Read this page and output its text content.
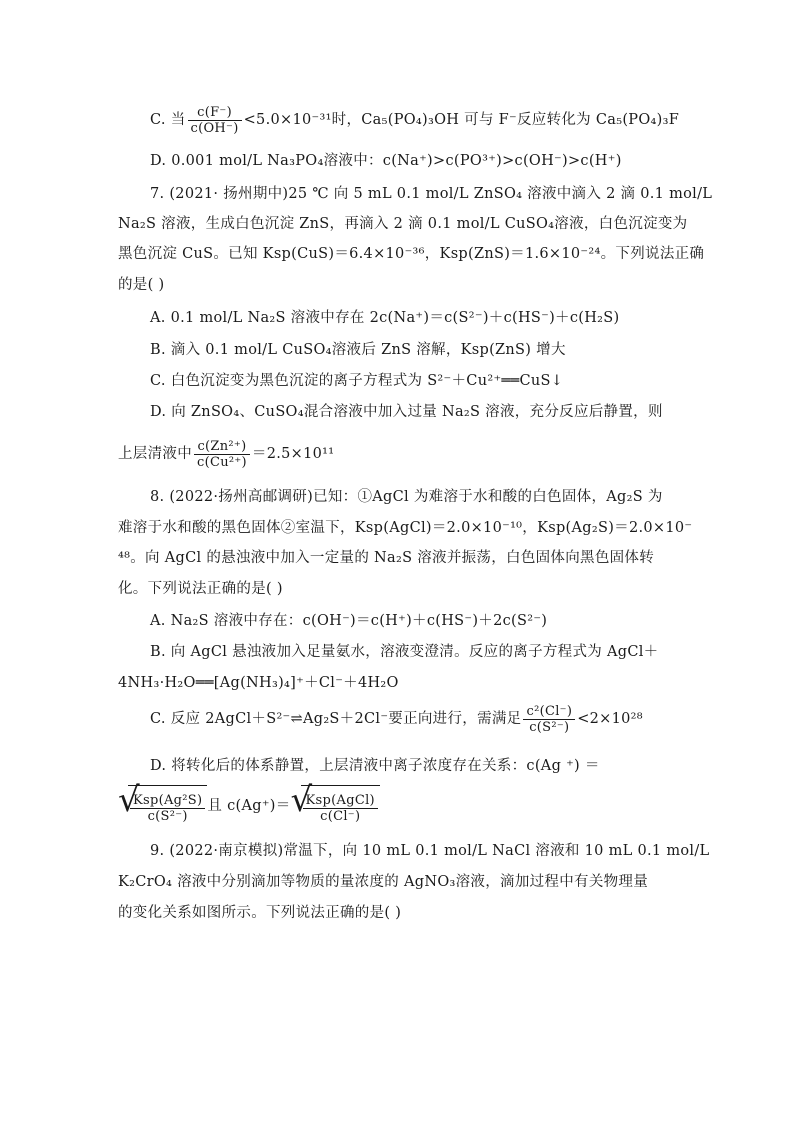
C. 当 $\frac{c(F^-)}{c(OH^-)} <5.0\times 10^{-31}$时，Ca₅(PO₄)₃OH 可与 F⁻反应转化为 Ca₅(PO₄)₃F
D. 0.001 mol/L Na₃PO₄溶液中：c(Na⁺)>c(PO³⁺)>c(OH⁻)>c(H⁺)
7. (2021· 扬州期中)25 ℃ 向 5 mL 0.1 mol/L ZnSO₄ 溶液中滴入 2 滴 0.1 mol/L
Na₂S 溶液，生成白色沉淀 ZnS，再滴入 2 滴 0.1 mol/L CuSO₄溶液，白色沉淀变为
黑色沉淀 CuS。已知 Ksp(CuS)＝6.4×10⁻³⁶，Ksp(ZnS)＝1.6×10⁻²⁴。下列说法正确
的是( )
A. 0.1 mol/L Na₂S 溶液中存在 2c(Na⁺)＝c(S²⁻)＋c(HS⁻)＋c(H₂S)
B. 滴入 0.1 mol/L CuSO₄溶液后 ZnS 溶解，Ksp(ZnS) 增大
C. 白色沉淀变为黑色沉淀的离子方程式为 S²⁻＋Cu²⁺══CuS↓
D. 向 ZnSO₄、CuSO₄混合溶液中加入过量 Na₂S 溶液，充分反应后静置，则
上层清液中 $\frac{\text{c(Zn²⁺)}}{\text{c(Cu²⁺)}} =2.5\times 10^{11}$
8. (2022·扬州高邮调研)已知：①AgCl 为难溶于水和酸的白色固体，Ag₂S 为
难溶于水和酸的黑色固体②室温下，Ksp(AgCl)＝2.0×10⁻¹⁰，Ksp(Ag₂S)＝2.0×10⁻
⁴⁸。向 AgCl 的悬浊液中加入一定量的 Na₂S 溶液并振荡，白色固体向黑色固体转
化。下列说法正确的是( )
A. Na₂S 溶液中存在：c(OH⁻)＝c(H⁺)＋c(HS⁻)＋2c(S²⁻)
B. 向 AgCl 悬浊液加入足量氨水，溶液变澄清。反应的离子方程式为 AgCl＋
4NH₃·H₂O══[Ag(NH₃)₄]⁺＋Cl⁻＋4H₂O
C. 反应 2AgCl＋S²⁻⇌Ag₂S＋2Cl⁻要正向进行，需满足 $\frac{\text{c²(Cl⁻)}}{\text{c(S²⁻)}} <2\times 10^{28}$
D. 将转化后的体系静置，上层清液中离子浓度存在关系：c(Ag ⁺) ＝
√
$\frac{\text{Ksp(Ag²S)}}{\text{c(S²⁻)}}$ 且 c(Ag⁺)＝ √
$\frac{\text{Ksp(AgCl)}}{c(Cl^-)}$
9. (2022·南京模拟)常温下，向 10 mL 0.1 mol/L NaCl 溶液和 10 mL 0.1 mol/L
K₂CrO₄ 溶液中分别滴加等物质的量浓度的 AgNO₃溶液，滴加过程中有关物理量
的变化关系如图所示。下列说法正确的是( )
